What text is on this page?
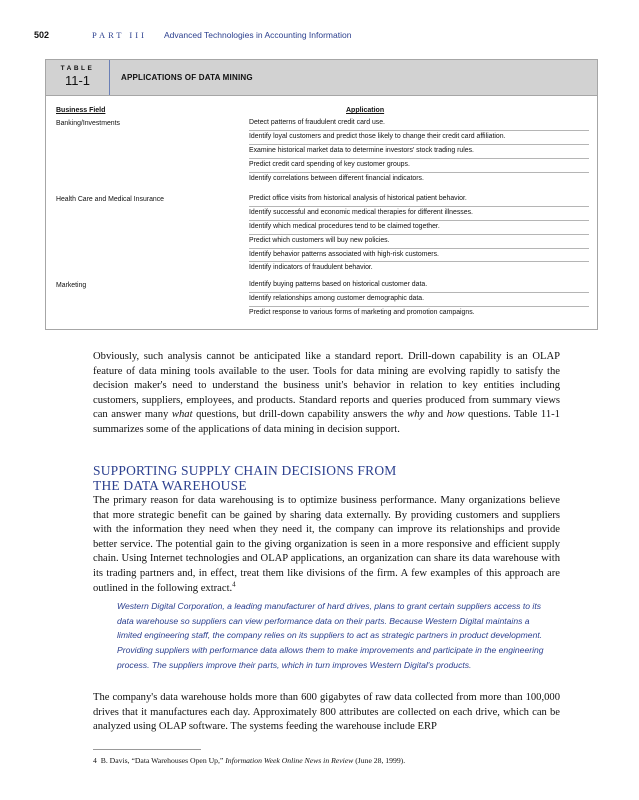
502	PART III	Advanced Technologies in Accounting Information
TABLE
11-1	APPLICATIONS OF DATA MINING
Business Field	Application
Banking/Investments	Detect patterns of fraudulent credit card use.
Identify loyal customers and predict those likely to change their credit card affiliation.
Examine historical market data to determine investors' stock trading rules.
Predict credit card spending of key customer groups.
Identify correlations between different financial indicators.
Health Care and Medical Insurance	Predict office visits from historical analysis of historical patient behavior.
Identify successful and economic medical therapies for different illnesses.
Identify which medical procedures tend to be claimed together.
Predict which customers will buy new policies.
Identify behavior patterns associated with high-risk customers.
Identify indicators of fraudulent behavior.
Marketing	Identify buying patterns based on historical customer data.
Identify relationships among customer demographic data.
Predict response to various forms of marketing and promotion campaigns.

Obviously, such analysis cannot be anticipated like a standard report. Drill-down capability is an OLAP feature of data mining tools available to the user. Tools for data mining are evolving rapidly to satisfy the decision maker's need to understand the business unit's behavior in relation to key entities including customers, suppliers, employees, and products. Standard reports and queries produced from summary views can answer many what questions, but drill-down capability answers the why and how questions. Table 11-1 summarizes some of the applications of data mining in decision support.

SUPPORTING SUPPLY CHAIN DECISIONS FROM
THE DATA WAREHOUSE

The primary reason for data warehousing is to optimize business performance. Many organizations believe that more strategic benefit can be gained by sharing data externally. By providing customers and suppliers with the information they need when they need it, the company can improve its relationships and provide better service. The potential gain to the giving organization is seen in a more responsive and efficient supply chain. Using Internet technologies and OLAP applications, an organization can share its data warehouse with its trading partners and, in effect, treat them like divisions of the firm. A few examples of this approach are outlined in the following extract.$^4$

Western Digital Corporation, a leading manufacturer of hard drives, plans to grant certain suppliers access to its data warehouse so suppliers can view performance data on their parts. Because Western Digital maintains a limited engineering staff, the company relies on its suppliers to act as strategic partners in product development. Providing suppliers with performance data allows them to make improvements and participate in the engineering process. The suppliers improve their parts, which in turn improves Western Digital's products.

The company's data warehouse holds more than 600 gigabytes of raw data collected from more than 100,000 drives that it manufactures each day. Approximately 800 attributes are collected on each drive, which can be analyzed using OLAP software. The systems feeding the warehouse include ERP

4 B. Davis, “Data Warehouses Open Up,” Information Week Online News in Review (June 28, 1999).
